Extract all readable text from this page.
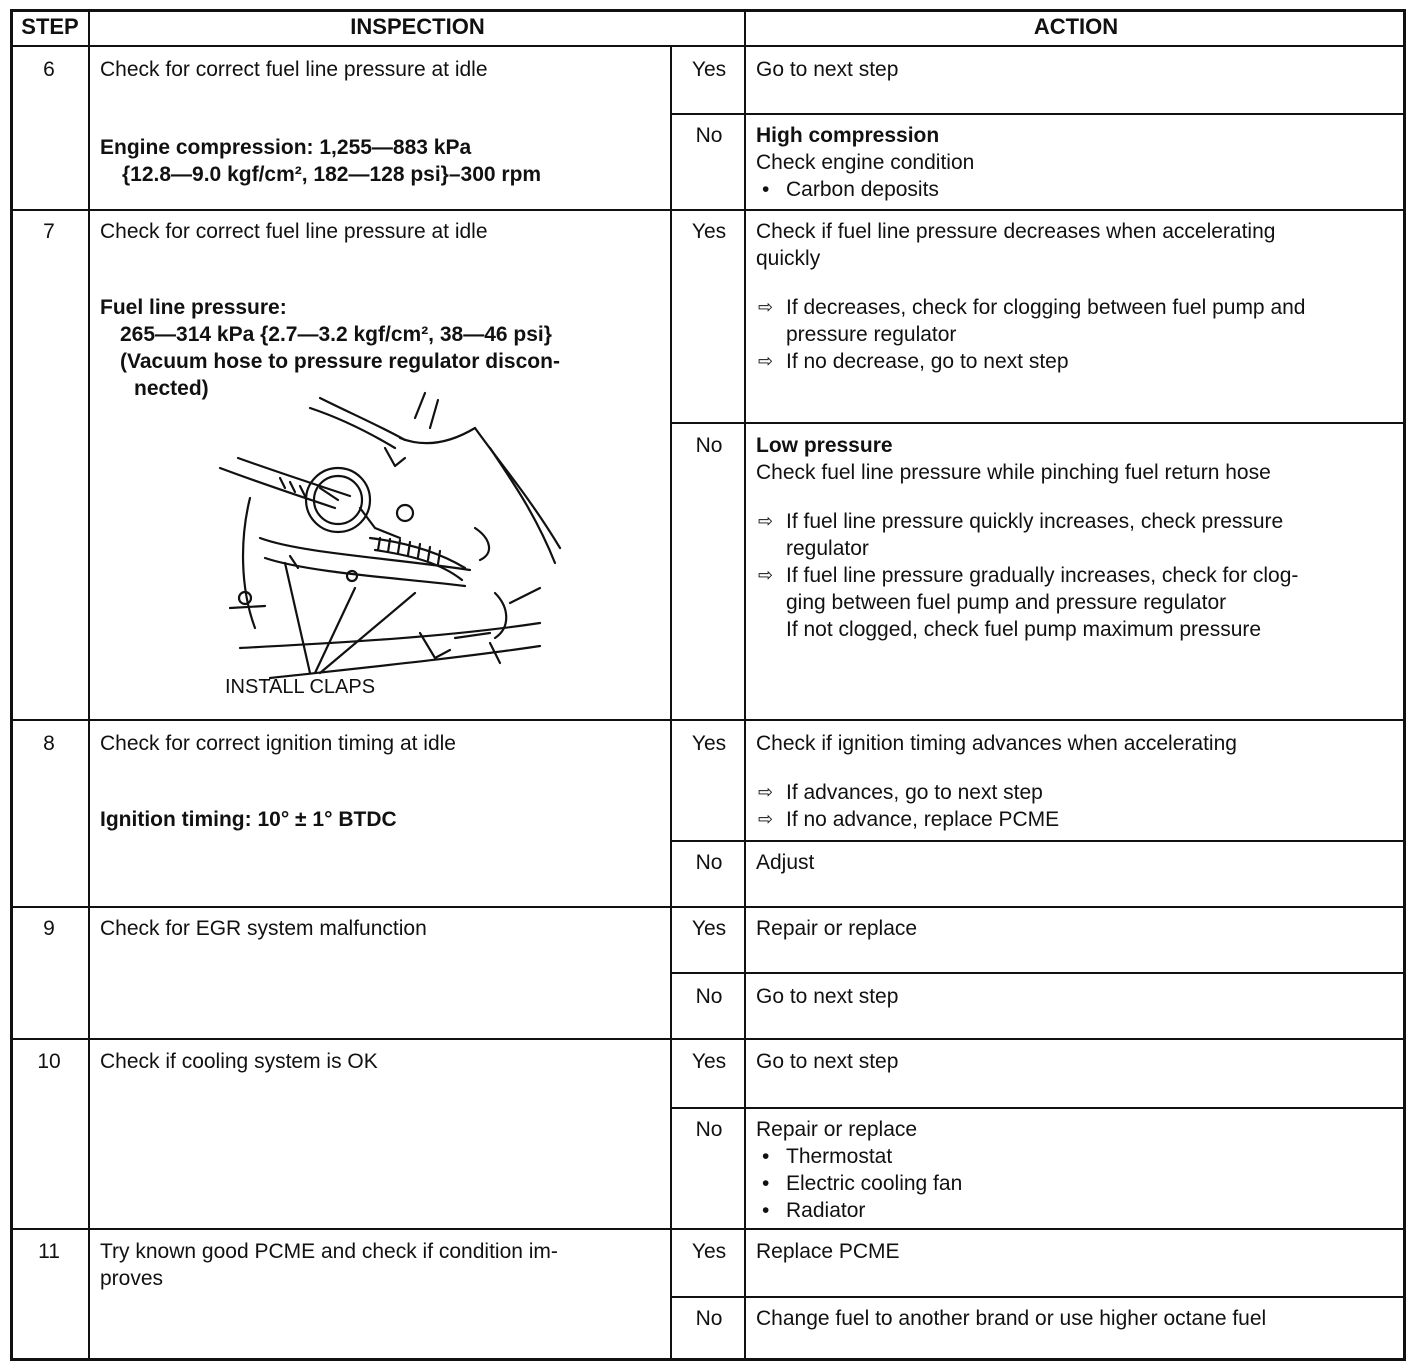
STEP	INSPECTION	ACTION
6	Check for correct fuel line pressure at idle
Engine compression: 1,255—883 kPa
{12.8—9.0 kgf/cm², 182—128 psi}–300 rpm
Yes	Go to next step
No	High compression
Check engine condition
• Carbon deposits
7	Check for correct fuel line pressure at idle
Fuel line pressure:
265—314 kPa {2.7—3.2 kgf/cm², 38—46 psi}
(Vacuum hose to pressure regulator discon-
nected)
INSTALL CLAPS
Yes	Check if fuel line pressure decreases when accelerating
quickly
⇨ If decreases, check for clogging between fuel pump and
pressure regulator
⇨ If no decrease, go to next step
No	Low pressure
Check fuel line pressure while pinching fuel return hose
⇨ If fuel line pressure quickly increases, check pressure
regulator
⇨ If fuel line pressure gradually increases, check for clog-
ging between fuel pump and pressure regulator
If not clogged, check fuel pump maximum pressure
8	Check for correct ignition timing at idle
Ignition timing: 10° ± 1° BTDC
Yes	Check if ignition timing advances when accelerating
⇨ If advances, go to next step
⇨ If no advance, replace PCME
No	Adjust
9	Check for EGR system malfunction	Yes	Repair or replace
No	Go to next step
10	Check if cooling system is OK	Yes	Go to next step
No	Repair or replace
• Thermostat
• Electric cooling fan
• Radiator
11	Try known good PCME and check if condition im-
proves
Yes	Replace PCME
No	Change fuel to another brand or use higher octane fuel
